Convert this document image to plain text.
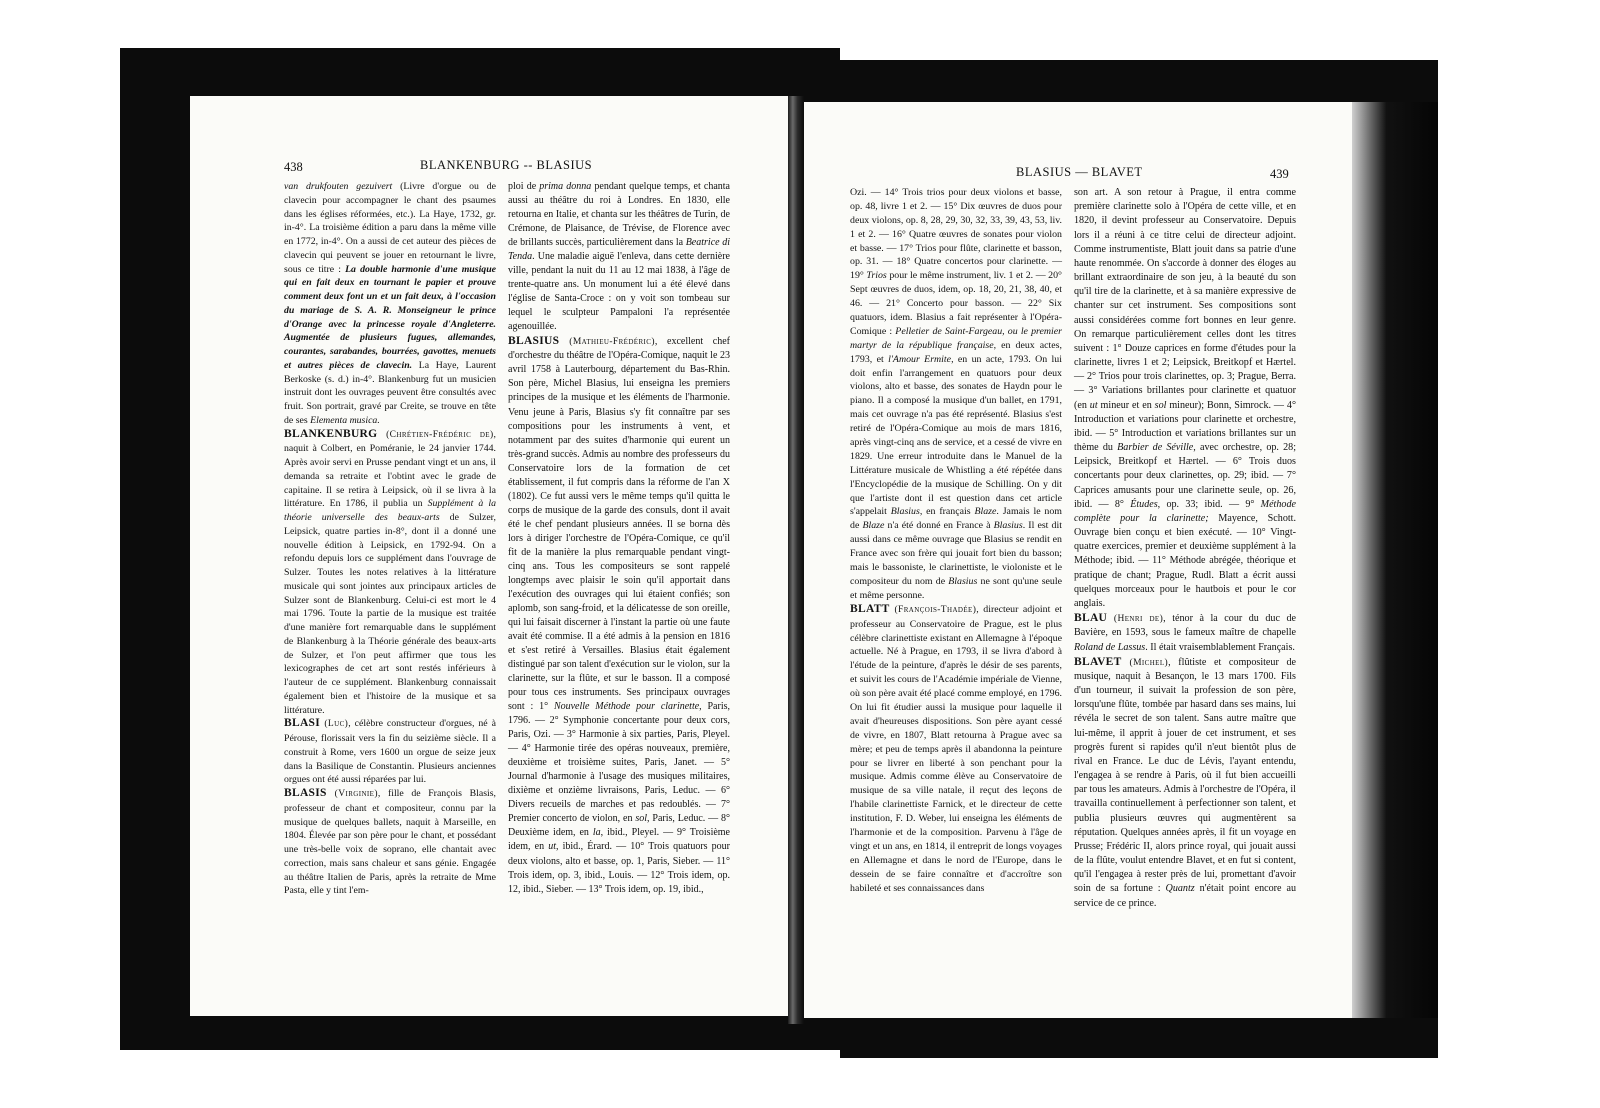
438	BLANKENBURG -- BLASIUS

van drukfouten gezuivert (Livre d'orgue ou de clavecin pour accompagner le chant des psaumes dans les églises réformées, etc.). La Haye, 1732, gr. in-4°. La troisième édition a paru dans la même ville en 1772, in-4°. On a aussi de cet auteur des pièces de clavecin qui peuvent se jouer en retournant le livre, sous ce titre : La double harmonie d'une musique qui en fait deux en tournant le papier et prouve comment deux font un et un fait deux, à l'occasion du mariage de S. A. R. Monseigneur le prince d'Orange avec la princesse royale d'Angleterre. Augmentée de plusieurs fugues, allemandes, courantes, sarabandes, bourrées, gavottes, menuets et autres pièces de clavecin. La Haye, Laurent Berkoske (s. d.) in-4°. Blankenburg fut un musicien instruit dont les ouvrages peuvent être consultés avec fruit. Son portrait, gravé par Creite, se trouve en tête de ses Elementa musica.

BLANKENBURG (Chrétien-Frédéric de), naquit à Colbert, en Poméranie, le 24 janvier 1744. Après avoir servi en Prusse pendant vingt et un ans, il demanda sa retraite et l'obtint avec le grade de capitaine. Il se retira à Leipsick, où il se livra à la littérature. En 1786, il publia un Supplément à la théorie universelle des beaux-arts de Sulzer, Leipsick, quatre parties in-8°, dont il a donné une nouvelle édition à Leipsick, en 1792-94. On a refondu depuis lors ce supplément dans l'ouvrage de Sulzer. Toutes les notes relatives à la littérature musicale qui sont jointes aux principaux articles de Sulzer sont de Blankenburg. Celui-ci est mort le 4 mai 1796. Toute la partie de la musique est traitée d'une manière fort remarquable dans le supplément de Blankenburg à la Théorie générale des beaux-arts de Sulzer, et l'on peut affirmer que tous les lexicographes de cet art sont restés inférieurs à l'auteur de ce supplément. Blankenburg connaissait également bien et l'histoire de la musique et sa littérature.

BLASI (Luc), célèbre constructeur d'orgues, né à Pérouse, florissait vers la fin du seizième siècle. Il a construit à Rome, vers 1600 un orgue de seize jeux dans la Basilique de Constantin. Plusieurs anciennes orgues ont été aussi réparées par lui.

BLASIS (Virginie), fille de François Blasis, professeur de chant et compositeur, connu par la musique de quelques ballets, naquit à Marseille, en 1804. Élevée par son père pour le chant, et possédant une très-belle voix de soprano, elle chantait avec correction, mais sans chaleur et sans génie. Engagée au théâtre Italien de Paris, après la retraite de Mme Pasta, elle y tint l'em-

ploi de prima donna pendant quelque temps, et chanta aussi au théâtre du roi à Londres. En 1830, elle retourna en Italie, et chanta sur les théâtres de Turin, de Crémone, de Plaisance, de Trévise, de Florence avec de brillants succès, particulièrement dans la Beatrice di Tenda. Une maladie aiguë l'enleva, dans cette dernière ville, pendant la nuit du 11 au 12 mai 1838, à l'âge de trente-quatre ans. Un monument lui a été élevé dans l'église de Santa-Croce : on y voit son tombeau sur lequel le sculpteur Pampaloni l'a représentée agenouillée.

BLASIUS (Mathieu-Frédéric), excellent chef d'orchestre du théâtre de l'Opéra-Comique, naquit le 23 avril 1758 à Lauterbourg, département du Bas-Rhin. Son père, Michel Blasius, lui enseigna les premiers principes de la musique et les éléments de l'harmonie. Venu jeune à Paris, Blasius s'y fit connaître par ses compositions pour les instruments à vent, et notamment par des suites d'harmonie qui eurent un très-grand succès. Admis au nombre des professeurs du Conservatoire lors de la formation de cet établissement, il fut compris dans la réforme de l'an X (1802). Ce fut aussi vers le même temps qu'il quitta le corps de musique de la garde des consuls, dont il avait été le chef pendant plusieurs années. Il se borna dès lors à diriger l'orchestre de l'Opéra-Comique, ce qu'il fit de la manière la plus remarquable pendant vingt-cinq ans. Tous les compositeurs se sont rappelé longtemps avec plaisir le soin qu'il apportait dans l'exécution des ouvrages qui lui étaient confiés; son aplomb, son sang-froid, et la délicatesse de son oreille, qui lui faisait discerner à l'instant la partie où une faute avait été commise. Il a été admis à la pension en 1816 et s'est retiré à Versailles. Blasius était également distingué par son talent d'exécution sur le violon, sur la clarinette, sur la flûte, et sur le basson. Il a composé pour tous ces instruments. Ses principaux ouvrages sont : 1° Nouvelle Méthode pour clarinette, Paris, 1796. — 2° Symphonie concertante pour deux cors, Paris, Ozi. — 3° Harmonie à six parties, Paris, Pleyel. — 4° Harmonie tirée des opéras nouveaux, première, deuxième et troisième suites, Paris, Janet. — 5° Journal d'harmonie à l'usage des musiques militaires, dixième et onzième livraisons, Paris, Leduc. — 6° Divers recueils de marches et pas redoublés. — 7° Premier concerto de violon, en sol, Paris, Leduc. — 8° Deuxième idem, en la, ibid., Pleyel. — 9° Troisième idem, en ut, ibid., Érard. — 10° Trois quatuors pour deux violons, alto et basse, op. 1, Paris, Sieber. — 11° Trois idem, op. 3, ibid., Louis. — 12° Trois idem, op. 12, ibid., Sieber. — 13° Trois idem, op. 19, ibid.,

BLASIUS — BLAVET	439

Ozi. — 14° Trois trios pour deux violons et basse, op. 48, livre 1 et 2. — 15° Dix œuvres de duos pour deux violons, op. 8, 28, 29, 30, 32, 33, 39, 43, 53, liv. 1 et 2. — 16° Quatre œuvres de sonates pour violon et basse. — 17° Trios pour flûte, clarinette et basson, op. 31. — 18° Quatre concertos pour clarinette. — 19° Trios pour le même instrument, liv. 1 et 2. — 20° Sept œuvres de duos, idem, op. 18, 20, 21, 38, 40, et 46. — 21° Concerto pour basson. — 22° Six quatuors, idem. Blasius a fait représenter à l'Opéra-Comique : Pelletier de Saint-Fargeau, ou le premier martyr de la république française, en deux actes, 1793, et l'Amour Ermite, en un acte, 1793. On lui doit enfin l'arrangement en quatuors pour deux violons, alto et basse, des sonates de Haydn pour le piano. Il a composé la musique d'un ballet, en 1791, mais cet ouvrage n'a pas été représenté. Blasius s'est retiré de l'Opéra-Comique au mois de mars 1816, après vingt-cinq ans de service, et a cessé de vivre en 1829. Une erreur introduite dans le Manuel de la Littérature musicale de Whistling a été répétée dans l'Encyclopédie de la musique de Schilling. On y dit que l'artiste dont il est question dans cet article s'appelait Blasius, en français Blaze. Jamais le nom de Blaze n'a été donné en France à Blasius. Il est dit aussi dans ce même ouvrage que Blasius se rendit en France avec son frère qui jouait fort bien du basson; mais le bassoniste, le clarinettiste, le violoniste et le compositeur du nom de Blasius ne sont qu'une seule et même personne.

BLATT (François-Thadée), directeur adjoint et professeur au Conservatoire de Prague, est le plus célèbre clarinettiste existant en Allemagne à l'époque actuelle. Né à Prague, en 1793, il se livra d'abord à l'étude de la peinture, d'après le désir de ses parents, et suivit les cours de l'Académie impériale de Vienne, où son père avait été placé comme employé, en 1796. On lui fit étudier aussi la musique pour laquelle il avait d'heureuses dispositions. Son père ayant cessé de vivre, en 1807, Blatt retourna à Prague avec sa mère; et peu de temps après il abandonna la peinture pour se livrer en liberté à son penchant pour la musique. Admis comme élève au Conservatoire de musique de sa ville natale, il reçut des leçons de l'habile clarinettiste Farnick, et le directeur de cette institution, F. D. Weber, lui enseigna les éléments de l'harmonie et de la composition. Parvenu à l'âge de vingt et un ans, en 1814, il entreprit de longs voyages en Allemagne et dans le nord de l'Europe, dans le dessein de se faire connaître et d'accroître son habileté et ses connaissances dans

son art. A son retour à Prague, il entra comme première clarinette solo à l'Opéra de cette ville, et en 1820, il devint professeur au Conservatoire. Depuis lors il a réuni à ce titre celui de directeur adjoint. Comme instrumentiste, Blatt jouit dans sa patrie d'une haute renommée. On s'accorde à donner des éloges au brillant extraordinaire de son jeu, à la beauté du son qu'il tire de la clarinette, et à sa manière expressive de chanter sur cet instrument. Ses compositions sont aussi considérées comme fort bonnes en leur genre. On remarque particulièrement celles dont les titres suivent : 1° Douze caprices en forme d'études pour la clarinette, livres 1 et 2; Leipsick, Breitkopf et Hærtel. — 2° Trios pour trois clarinettes, op. 3; Prague, Berra. — 3° Variations brillantes pour clarinette et quatuor (en ut mineur et en sol mineur); Bonn, Simrock. — 4° Introduction et variations pour clarinette et orchestre, ibid. — 5° Introduction et variations brillantes sur un thème du Barbier de Séville, avec orchestre, op. 28; Leipsick, Breitkopf et Hærtel. — 6° Trois duos concertants pour deux clarinettes, op. 29; ibid. — 7° Caprices amusants pour une clarinette seule, op. 26, ibid. — 8° Études, op. 33; ibid. — 9° Méthode complète pour la clarinette; Mayence, Schott. Ouvrage bien conçu et bien exécuté. — 10° Vingt-quatre exercices, premier et deuxième supplément à la Méthode; ibid. — 11° Méthode abrégée, théorique et pratique de chant; Prague, Rudl. Blatt a écrit aussi quelques morceaux pour le hautbois et pour le cor anglais.

BLAU (Henri de), ténor à la cour du duc de Bavière, en 1593, sous le fameux maître de chapelle Roland de Lassus. Il était vraisemblablement Français.

BLAVET (Michel), flûtiste et compositeur de musique, naquit à Besançon, le 13 mars 1700. Fils d'un tourneur, il suivait la profession de son père, lorsqu'une flûte, tombée par hasard dans ses mains, lui révéla le secret de son talent. Sans autre maître que lui-même, il apprit à jouer de cet instrument, et ses progrès furent si rapides qu'il n'eut bientôt plus de rival en France. Le duc de Lévis, l'ayant entendu, l'engagea à se rendre à Paris, où il fut bien accueilli par tous les amateurs. Admis à l'orchestre de l'Opéra, il travailla continuellement à perfectionner son talent, et publia plusieurs œuvres qui augmentèrent sa réputation. Quelques années après, il fit un voyage en Prusse; Frédéric II, alors prince royal, qui jouait aussi de la flûte, voulut entendre Blavet, et en fut si content, qu'il l'engagea à rester près de lui, promettant d'avoir soin de sa fortune : Quantz n'était point encore au service de ce prince.
